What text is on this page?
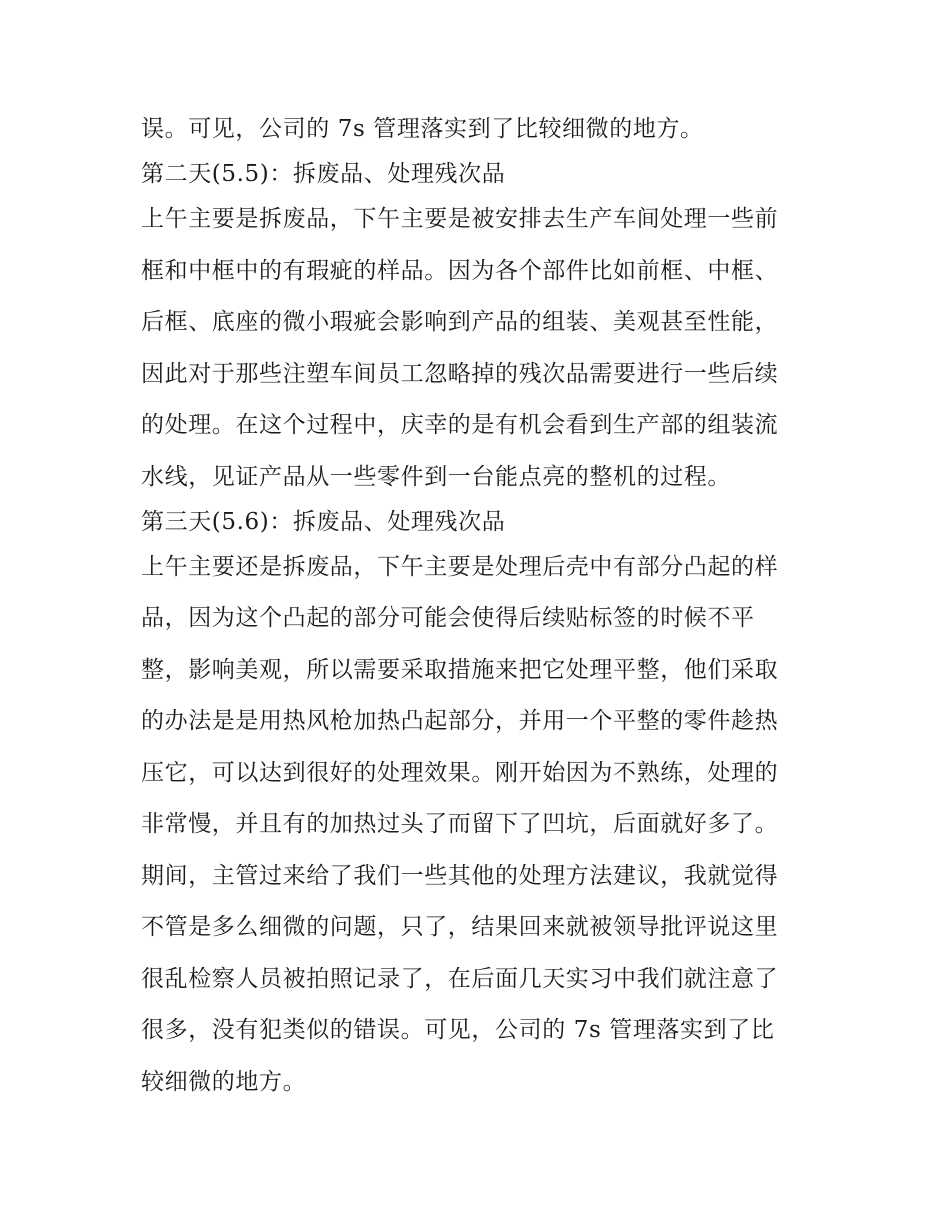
误。可见，公司的 7s 管理落实到了比较细微的地方。
第二天(5.5)：拆废品、处理残次品
上午主要是拆废品，下午主要是被安排去生产车间处理一些前
框和中框中的有瑕疵的样品。因为各个部件比如前框、中框、
后框、底座的微小瑕疵会影响到产品的组装、美观甚至性能，
因此对于那些注塑车间员工忽略掉的残次品需要进行一些后续
的处理。在这个过程中，庆幸的是有机会看到生产部的组装流
水线，见证产品从一些零件到一台能点亮的整机的过程。
第三天(5.6)：拆废品、处理残次品
上午主要还是拆废品，下午主要是处理后壳中有部分凸起的样
品，因为这个凸起的部分可能会使得后续贴标签的时候不平
整，影响美观，所以需要采取措施来把它处理平整，他们采取
的办法是是用热风枪加热凸起部分，并用一个平整的零件趁热
压它，可以达到很好的处理效果。刚开始因为不熟练，处理的
非常慢，并且有的加热过头了而留下了凹坑，后面就好多了。
期间，主管过来给了我们一些其他的处理方法建议，我就觉得
不管是多么细微的问题，只了，结果回来就被领导批评说这里
很乱检察人员被拍照记录了，在后面几天实习中我们就注意了
很多，没有犯类似的错误。可见，公司的 7s 管理落实到了比
较细微的地方。
